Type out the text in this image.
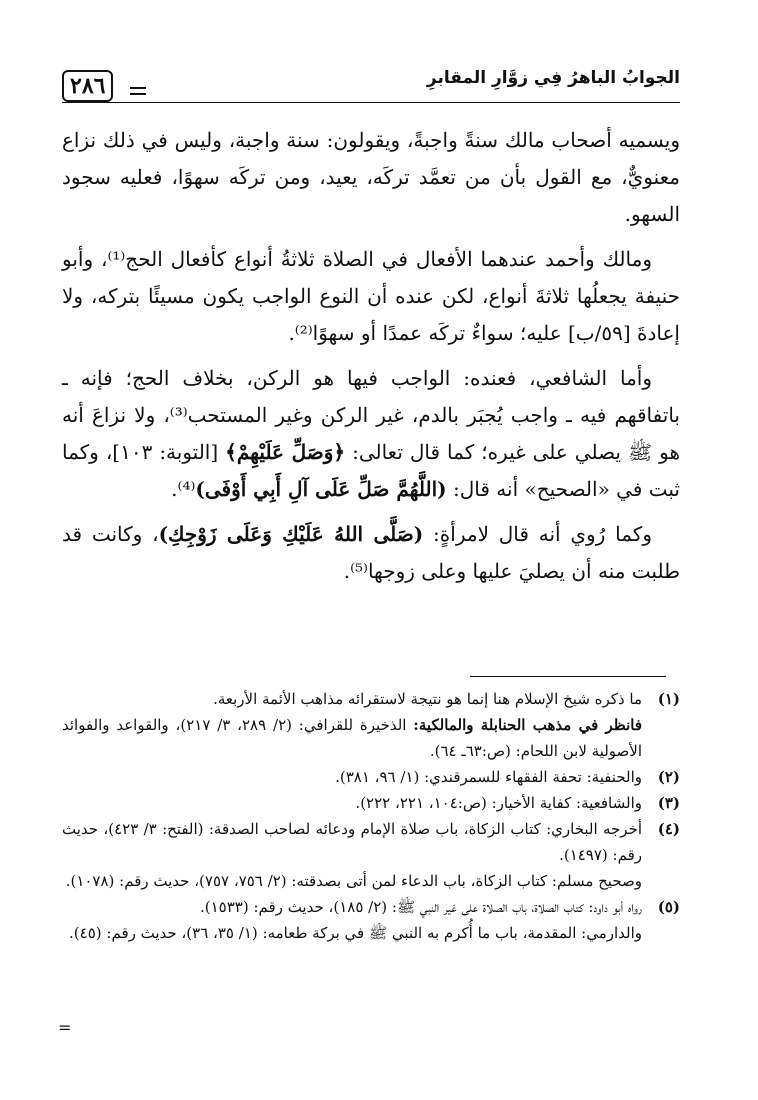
٢٨٦	الجوابُ الباهرُ فِي زوَّارِ المقابرِ

ويسميه أصحاب مالك سنةً واجبةً، ويقولون: سنة واجبة، وليس في ذلك نزاع معنويٌّ، مع القول بأن من تعمَّد تركَه، يعيد، ومن تركَه سهوًا، فعليه سجود السهو.

ومالك وأحمد عندهما الأفعال في الصلاة ثلاثةُ أنواع كأفعال الحج⁽¹⁾، وأبو حنيفة يجعلُها ثلاثةَ أنواع، لكن عنده أن النوع الواجب يكون مسيئًا بتركه، ولا إعادةَ [٥٩/ب] عليه؛ سواءٌ تركَه عمدًا أو سهوًا⁽²⁾.

وأما الشافعي، فعنده: الواجب فيها هو الركن، بخلاف الحج؛ فإنه ـ باتفاقهم فيه ـ واجب يُجبَر بالدم، غير الركن وغير المستحب⁽³⁾، ولا نزاعَ أنه هو ﷺ يصلي على غيره؛ كما قال تعالى: ﴿وَصَلِّ عَلَيْهِمْ﴾ [التوبة: ١٠٣]، وكما ثبت في «الصحيح» أنه قال: (اللَّهُمَّ صَلِّ عَلَى آلِ أَبِي أَوْفَى)⁽⁴⁾.

وكما رُوي أنه قال لامرأةٍ: (صَلَّى اللهُ عَلَيْكِ وَعَلَى زَوْجِكِ)، وكانت قد طلبت منه أن يصليَ عليها وعلى زوجها⁽⁵⁾.

(١)
ما ذكره شيخ الإسلام هنا إنما هو نتيجة لاستقرائه مذاهب الأئمة الأربعة.
فانظر في مذهب الحنابلة والمالكية: الذخيرة للقرافي: (٢/ ٢٨٩، ٣/ ٢١٧)، والقواعد والفوائد الأصولية لابن اللحام: (ص:٦٣ـ ٦٤).
(٢)
والحنفية: تحفة الفقهاء للسمرقندي: (١/ ٩٦، ٣٨١).
(٣)
والشافعية: كفاية الأخيار: (ص:١٠٤، ٢٢١، ٢٢٢).
(٤)
أخرجه البخاري: كتاب الزكاة، باب صلاة الإمام ودعائه لصاحب الصدقة: (الفتح: ٣/ ٤٢٣)، حديث رقم: (١٤٩٧).
وصحيح مسلم: كتاب الزكاة، باب الدعاء لمن أتى بصدقته: (٢/ ٧٥٦، ٧٥٧)، حديث رقم: (١٠٧٨).
(٥)
رواه أبو داود: كتاب الصلاة، باب الصلاة على غير النبي ﷺ: (٢/ ١٨٥)، حديث رقم: (١٥٣٣).
والدارمي: المقدمة، باب ما أُكرم به النبي ﷺ في بركة طعامه: (١/ ٣٥، ٣٦)، حديث رقم: (٤٥).
=
